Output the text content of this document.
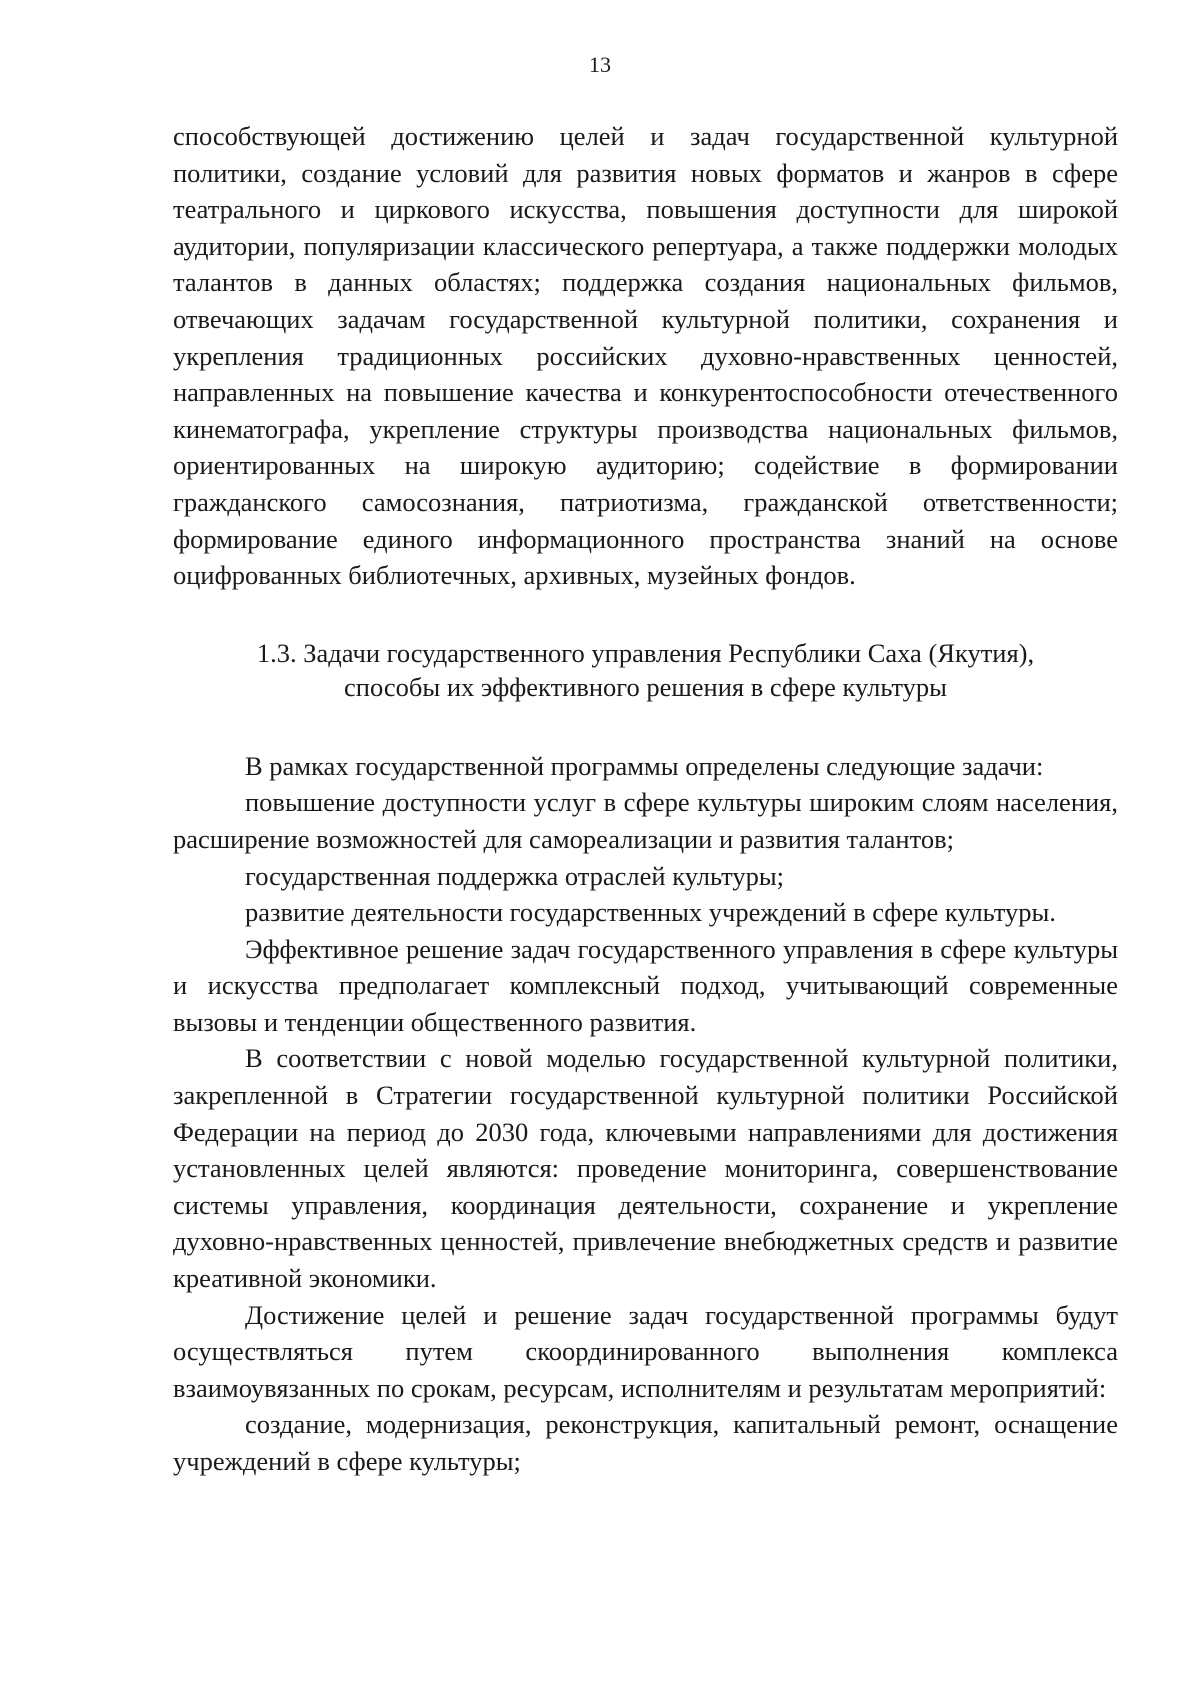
13

способствующей достижению целей и задач государственной культурной политики, создание условий для развития новых форматов и жанров в сфере театрального и циркового искусства, повышения доступности для широкой аудитории, популяризации классического репертуара, а также поддержки молодых талантов в данных областях; поддержка создания национальных фильмов, отвечающих задачам государственной культурной политики, сохранения и укрепления традиционных российских духовно-нравственных ценностей, направленных на повышение качества и конкурентоспособности отечественного кинематографа, укрепление структуры производства национальных фильмов, ориентированных на широкую аудиторию; содействие в формировании гражданского самосознания, патриотизма, гражданской ответственности; формирование единого информационного пространства знаний на основе оцифрованных библиотечных, архивных, музейных фондов.

1.3. Задачи государственного управления Республики Саха (Якутия),
способы их эффективного решения в сфере культуры

В рамках государственной программы определены следующие задачи:

повышение доступности услуг в сфере культуры широким слоям населения, расширение возможностей для самореализации и развития талантов;

государственная поддержка отраслей культуры;

развитие деятельности государственных учреждений в сфере культуры.

Эффективное решение задач государственного управления в сфере культуры и искусства предполагает комплексный подход, учитывающий современные вызовы и тенденции общественного развития.

В соответствии с новой моделью государственной культурной политики, закрепленной в Стратегии государственной культурной политики Российской Федерации на период до 2030 года, ключевыми направлениями для достижения установленных целей являются: проведение мониторинга, совершенствование системы управления, координация деятельности, сохранение и укрепление духовно-нравственных ценностей, привлечение внебюджетных средств и развитие креативной экономики.

Достижение целей и решение задач государственной программы будут осуществляться путем скоординированного выполнения комплекса взаимоувязанных по срокам, ресурсам, исполнителям и результатам мероприятий:

создание, модернизация, реконструкция, капитальный ремонт, оснащение учреждений в сфере культуры;
